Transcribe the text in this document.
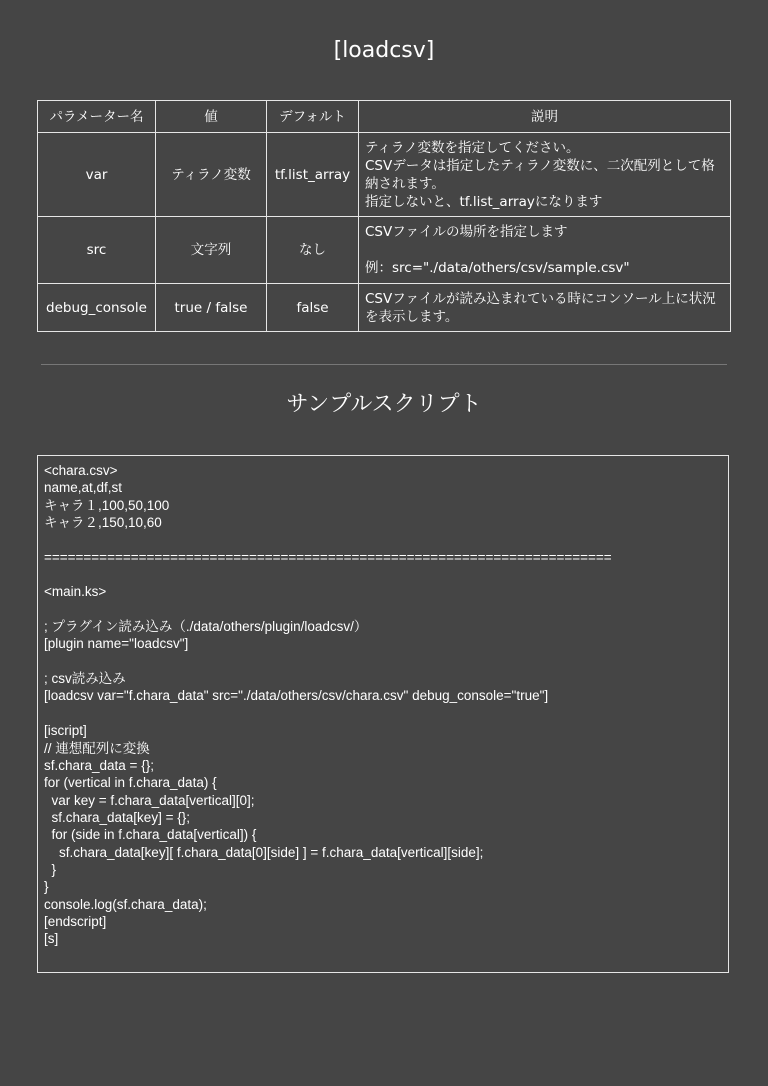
[loadcsv]
パラメーター名	値	デフォルト	説明
var	ティラノ変数	tf.list_array	ティラノ変数を指定してください。
CSVデータは指定したティラノ変数に、二次配列として格納されます。
指定しないと、tf.list_arrayになります

src	文字列	なし	CSVファイルの場所を指定します
例：src="./data/others/csv/sample.csv"

debug_console	true / false	false	CSVファイルが読み込まれている時にコンソール上に状況を表示します。
サンプルスクリプト
<chara.csv>
name,at,df,st
キャラ１,100,50,100
キャラ２,150,10,60
========================================================================
<main.ks>
; プラグイン読み込み（./data/others/plugin/loadcsv/）
[plugin name="loadcsv"]
; csv読み込み
[loadcsv var="f.chara_data" src="./data/others/csv/chara.csv" debug_console="true"]
[iscript]
// 連想配列に変換
sf.chara_data = {};
for (vertical in f.chara_data) {
var key = f.chara_data[vertical][0];
sf.chara_data[key] = {};
for (side in f.chara_data[vertical]) {
sf.chara_data[key][ f.chara_data[0][side] ] = f.chara_data[vertical][side];
}
}
console.log(sf.chara_data);
[endscript]
[s]
